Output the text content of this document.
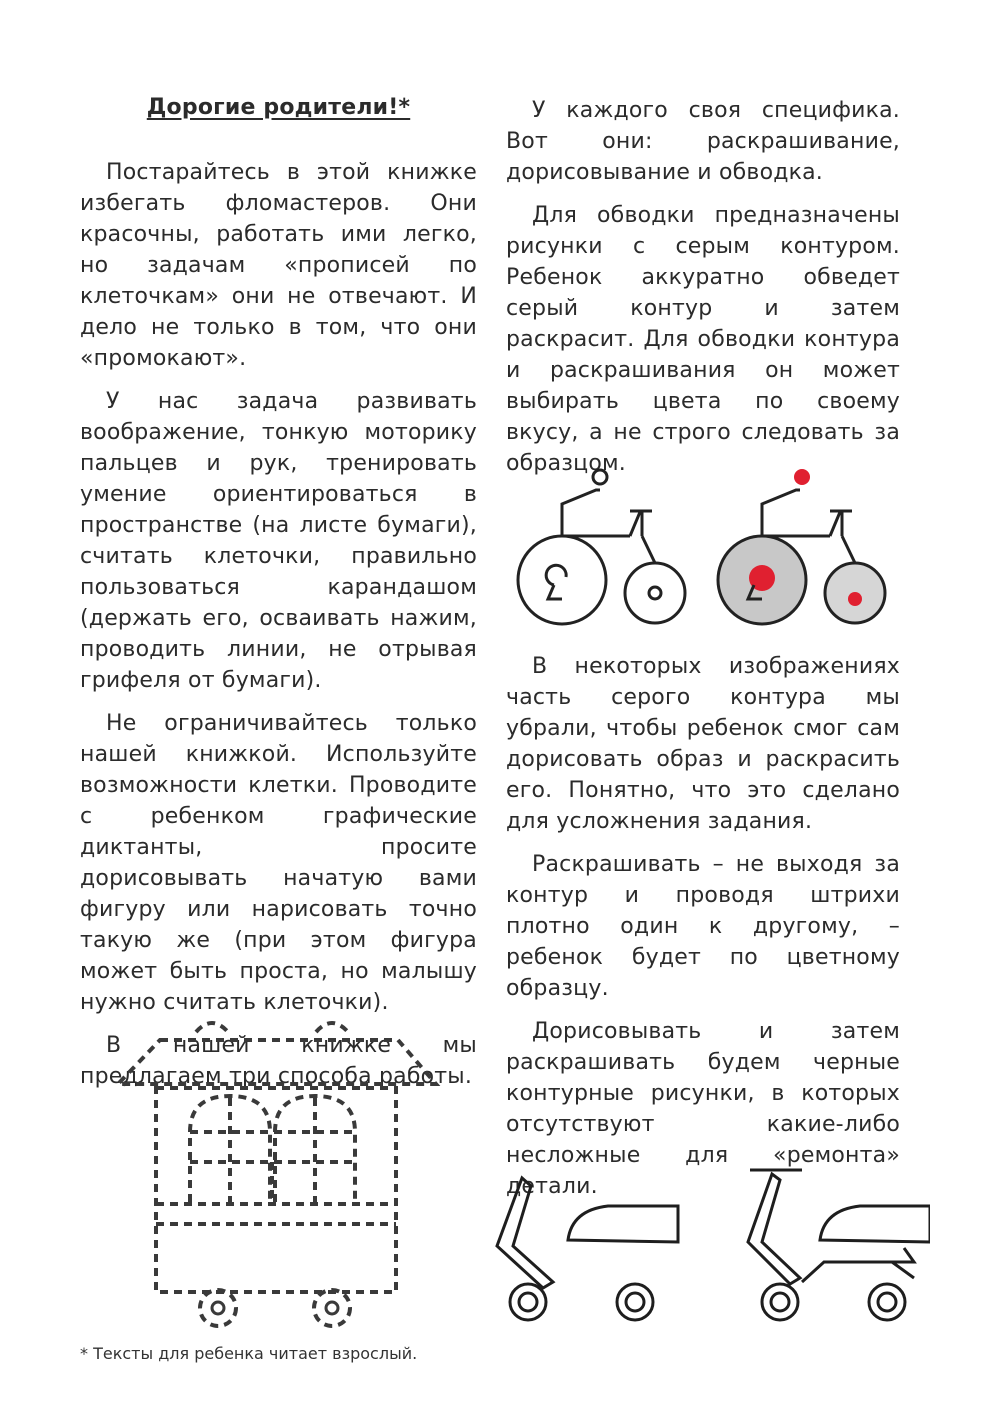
Дорогие родители!*

Постарайтесь в этой книжке избегать фломастеров. Они красочны, работать ими легко, но задачам «прописей по клеточкам» они не отвечают. И дело не только в том, что они «промокают».

У нас задача развивать воображение, тонкую моторику пальцев и рук, тренировать умение ориентироваться в пространстве (на листе бумаги), считать клеточки, правильно пользоваться карандашом (держать его, осваивать нажим, проводить линии, не отрывая грифеля от бумаги).

Не ограничивайтесь только нашей книжкой. Используйте возможности клетки. Проводите с ребенком графические диктанты, просите дорисовывать начатую вами фигуру или нарисовать точно такую же (при этом фигура может быть проста, но малышу нужно считать клеточки).

В нашей книжке мы предлагаем три способа работы.

У каждого своя специфика. Вот они: раскрашивание, дорисовывание и обводка.

Для обводки предназначены рисунки с серым контуром. Ребенок аккуратно обведет серый контур и затем раскрасит. Для обводки контура и раскрашивания он может выбирать цвета по своему вкусу, а не строго следовать за образцом.

В некоторых изображениях часть серого контура мы убрали, чтобы ребенок смог сам дорисовать образ и раскрасить его. Понятно, что это сделано для усложнения задания.

Раскрашивать – не выходя за контур и проводя штрихи плотно один к другому, – ребенок будет по цветному образцу.

Дорисовывать и затем раскрашивать будем черные контурные рисунки, в которых отсутствуют какие-либо несложные для «ремонта» детали.

* Тексты для ребенка читает взрослый.
